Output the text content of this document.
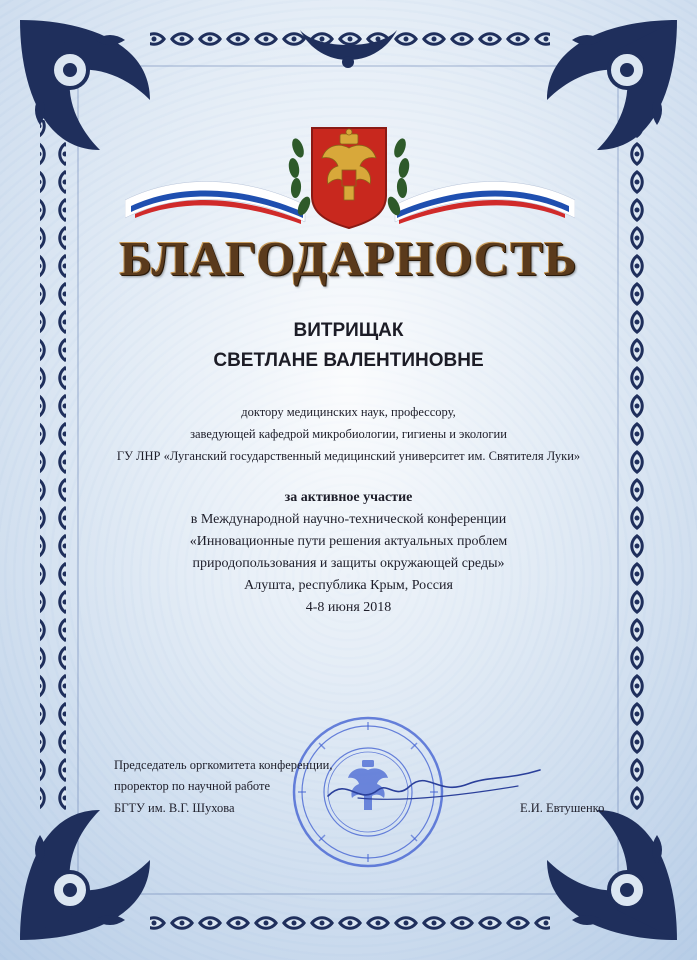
БЛАГОДАРНОСТЬ
ВИТРИЩАК
СВЕТЛАНЕ ВАЛЕНТИНОВНЕ
доктору медицинских наук, профессору,
заведующей кафедрой микробиологии, гигиены и экологии
ГУ ЛНР «Луганский государственный медицинский университет им. Святителя Луки»
за активное участие
в Международной научно-технической конференции
«Инновационные пути решения актуальных проблем
природопользования и защиты окружающей среды»
Алушта, республика Крым, Россия
4-8 июня 2018
Председатель оргкомитета конференции,
проректор по научной работе
БГТУ им. В.Г. Шухова	Е.И. Евтушенко
